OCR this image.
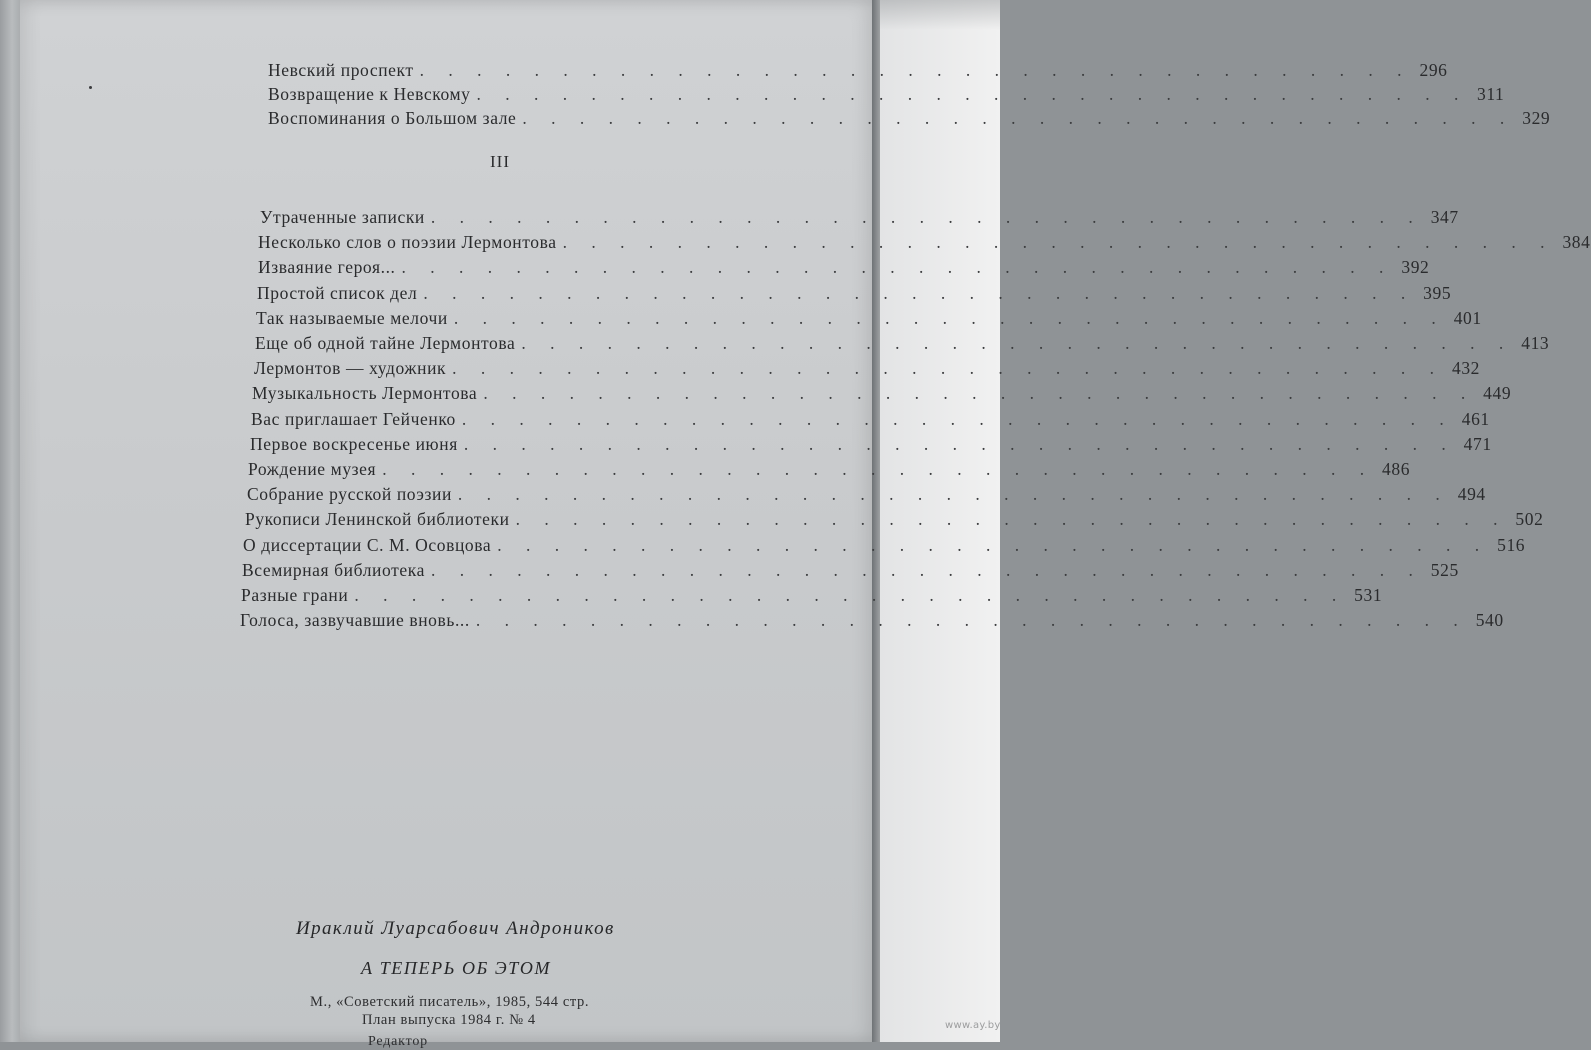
Невский проспект . . . . . . . . . . . . . . . . . . . . . . . . . . . . . . . . . . . 296
Возвращение к Невскому . . . . . . . . . . . . . . . . . . . . . . . . . . . . . . . . . . . 311
Воспоминания о Большом зале . . . . . . . . . . . . . . . . . . . . . . . . . . . . . . . . . . . 329
III
Утраченные записки . . . . . . . . . . . . . . . . . . . . . . . . . . . . . . . . . . . 347
Несколько слов о поэзии Лермонтова . . . . . . . . . . . . . . . . . . . . . . . . . . . . . . . . . . . 384
Изваяние героя... . . . . . . . . . . . . . . . . . . . . . . . . . . . . . . . . . . . 392
Простой список дел . . . . . . . . . . . . . . . . . . . . . . . . . . . . . . . . . . . 395
Так называемые мелочи . . . . . . . . . . . . . . . . . . . . . . . . . . . . . . . . . . . 401
Еще об одной тайне Лермонтова . . . . . . . . . . . . . . . . . . . . . . . . . . . . . . . . . . . 413
Лермонтов — художник . . . . . . . . . . . . . . . . . . . . . . . . . . . . . . . . . . . 432
Музыкальность Лермонтова . . . . . . . . . . . . . . . . . . . . . . . . . . . . . . . . . . . 449
Вас приглашает Гейченко . . . . . . . . . . . . . . . . . . . . . . . . . . . . . . . . . . . 461
Первое воскресенье июня . . . . . . . . . . . . . . . . . . . . . . . . . . . . . . . . . . . 471
Рождение музея . . . . . . . . . . . . . . . . . . . . . . . . . . . . . . . . . . . 486
Собрание русской поэзии . . . . . . . . . . . . . . . . . . . . . . . . . . . . . . . . . . . 494
Рукописи Ленинской библиотеки . . . . . . . . . . . . . . . . . . . . . . . . . . . . . . . . . . . 502
О диссертации С. М. Осовцова . . . . . . . . . . . . . . . . . . . . . . . . . . . . . . . . . . . 516
Всемирная библиотека . . . . . . . . . . . . . . . . . . . . . . . . . . . . . . . . . . . 525
Разные грани . . . . . . . . . . . . . . . . . . . . . . . . . . . . . . . . . . . 531
Голоса, зазвучавшие вновь... . . . . . . . . . . . . . . . . . . . . . . . . . . . . . . . . . . . 540
Ираклий Луарсабович Андроников
А ТЕПЕРЬ ОБ ЭТОМ
М., «Советский писатель», 1985, 544 стр.
План выпуска 1984 г. № 4
Редактор
www.ay.by
